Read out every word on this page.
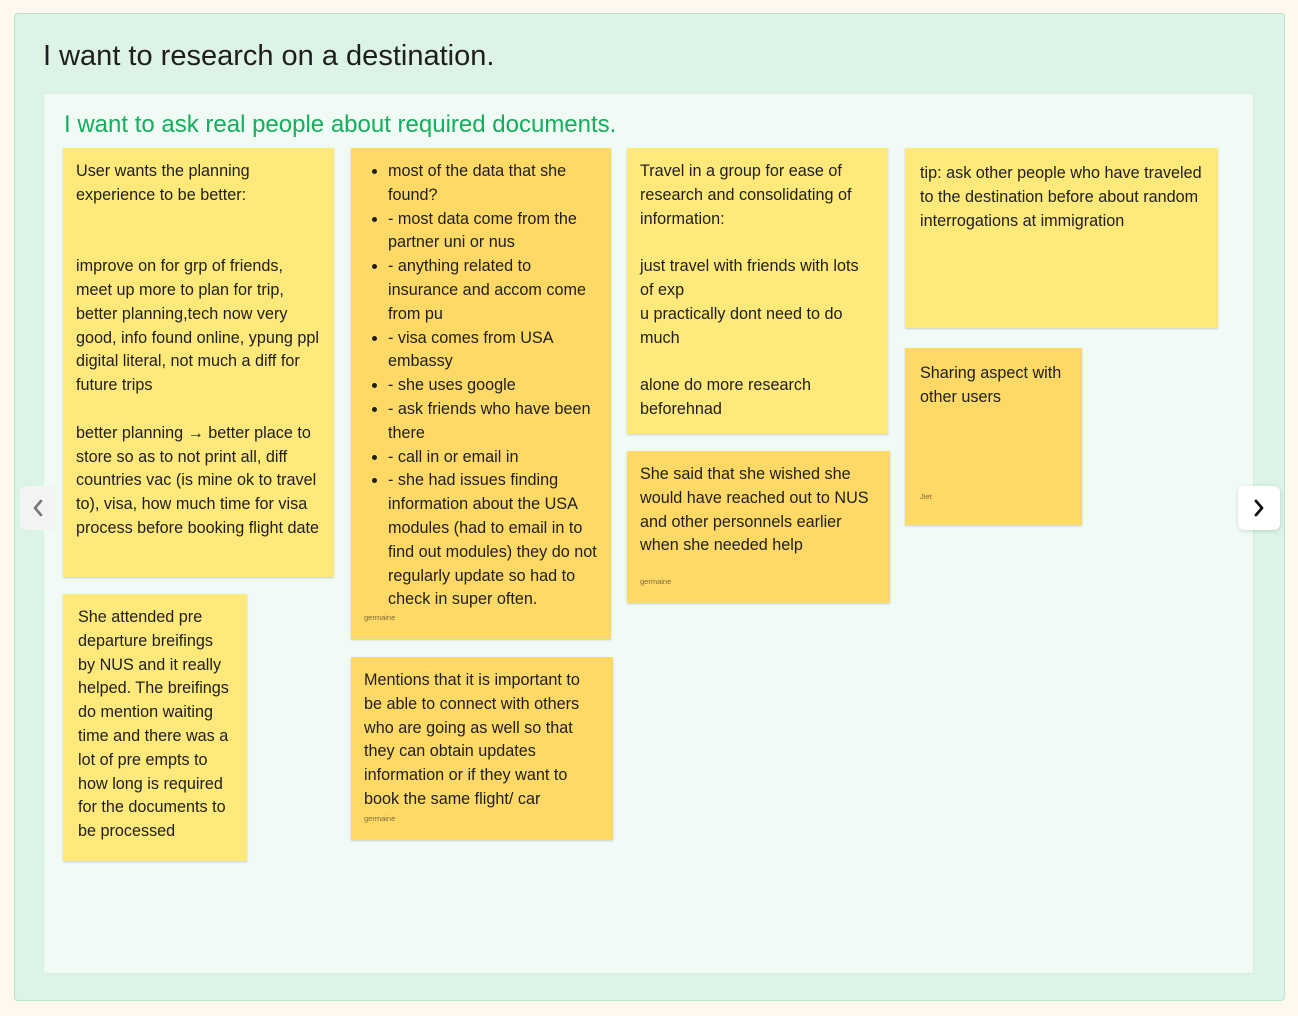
I want to research on a destination.
I want to ask real people about required documents.

User wants the planning experience to be better:

improve on for grp of friends, meet up more to plan for trip, better planning,tech now very good, info found online, ypung ppl digital literal, not much a diff for future trips

better planning → better place to store so as to not print all, diff countries vac (is mine ok to travel to), visa, how much time for visa process before booking flight date

She attended pre departure breifings by NUS and it really helped. The breifings do mention waiting time and there was a lot of pre empts to how long is required for the documents to be processed

• most of the data that she found?
• - most data come from the partner uni or nus
• - anything related to insurance and accom come from pu
• - visa comes from USA embassy
• - she uses google
• - ask friends who have been there
• - call in or email in
• - she had issues finding information about the USA modules (had to email in to find out modules) they do not regularly update so had to check in super often.
germaine

Mentions that it is important to be able to connect with others who are going as well so that they can obtain updates information or if they want to book the same flight/ car

germaine

Travel in a group for ease of research and consolidating of information:

just travel with friends with lots of exp
u practically dont need to do much

alone do more research beforehnad

She said that she wished she would have reached out to NUS and other personnels earlier when she needed help

germaine

tip: ask other people who have traveled to the destination before about random interrogations at immigration

Sharing aspect with other users

Jiet
